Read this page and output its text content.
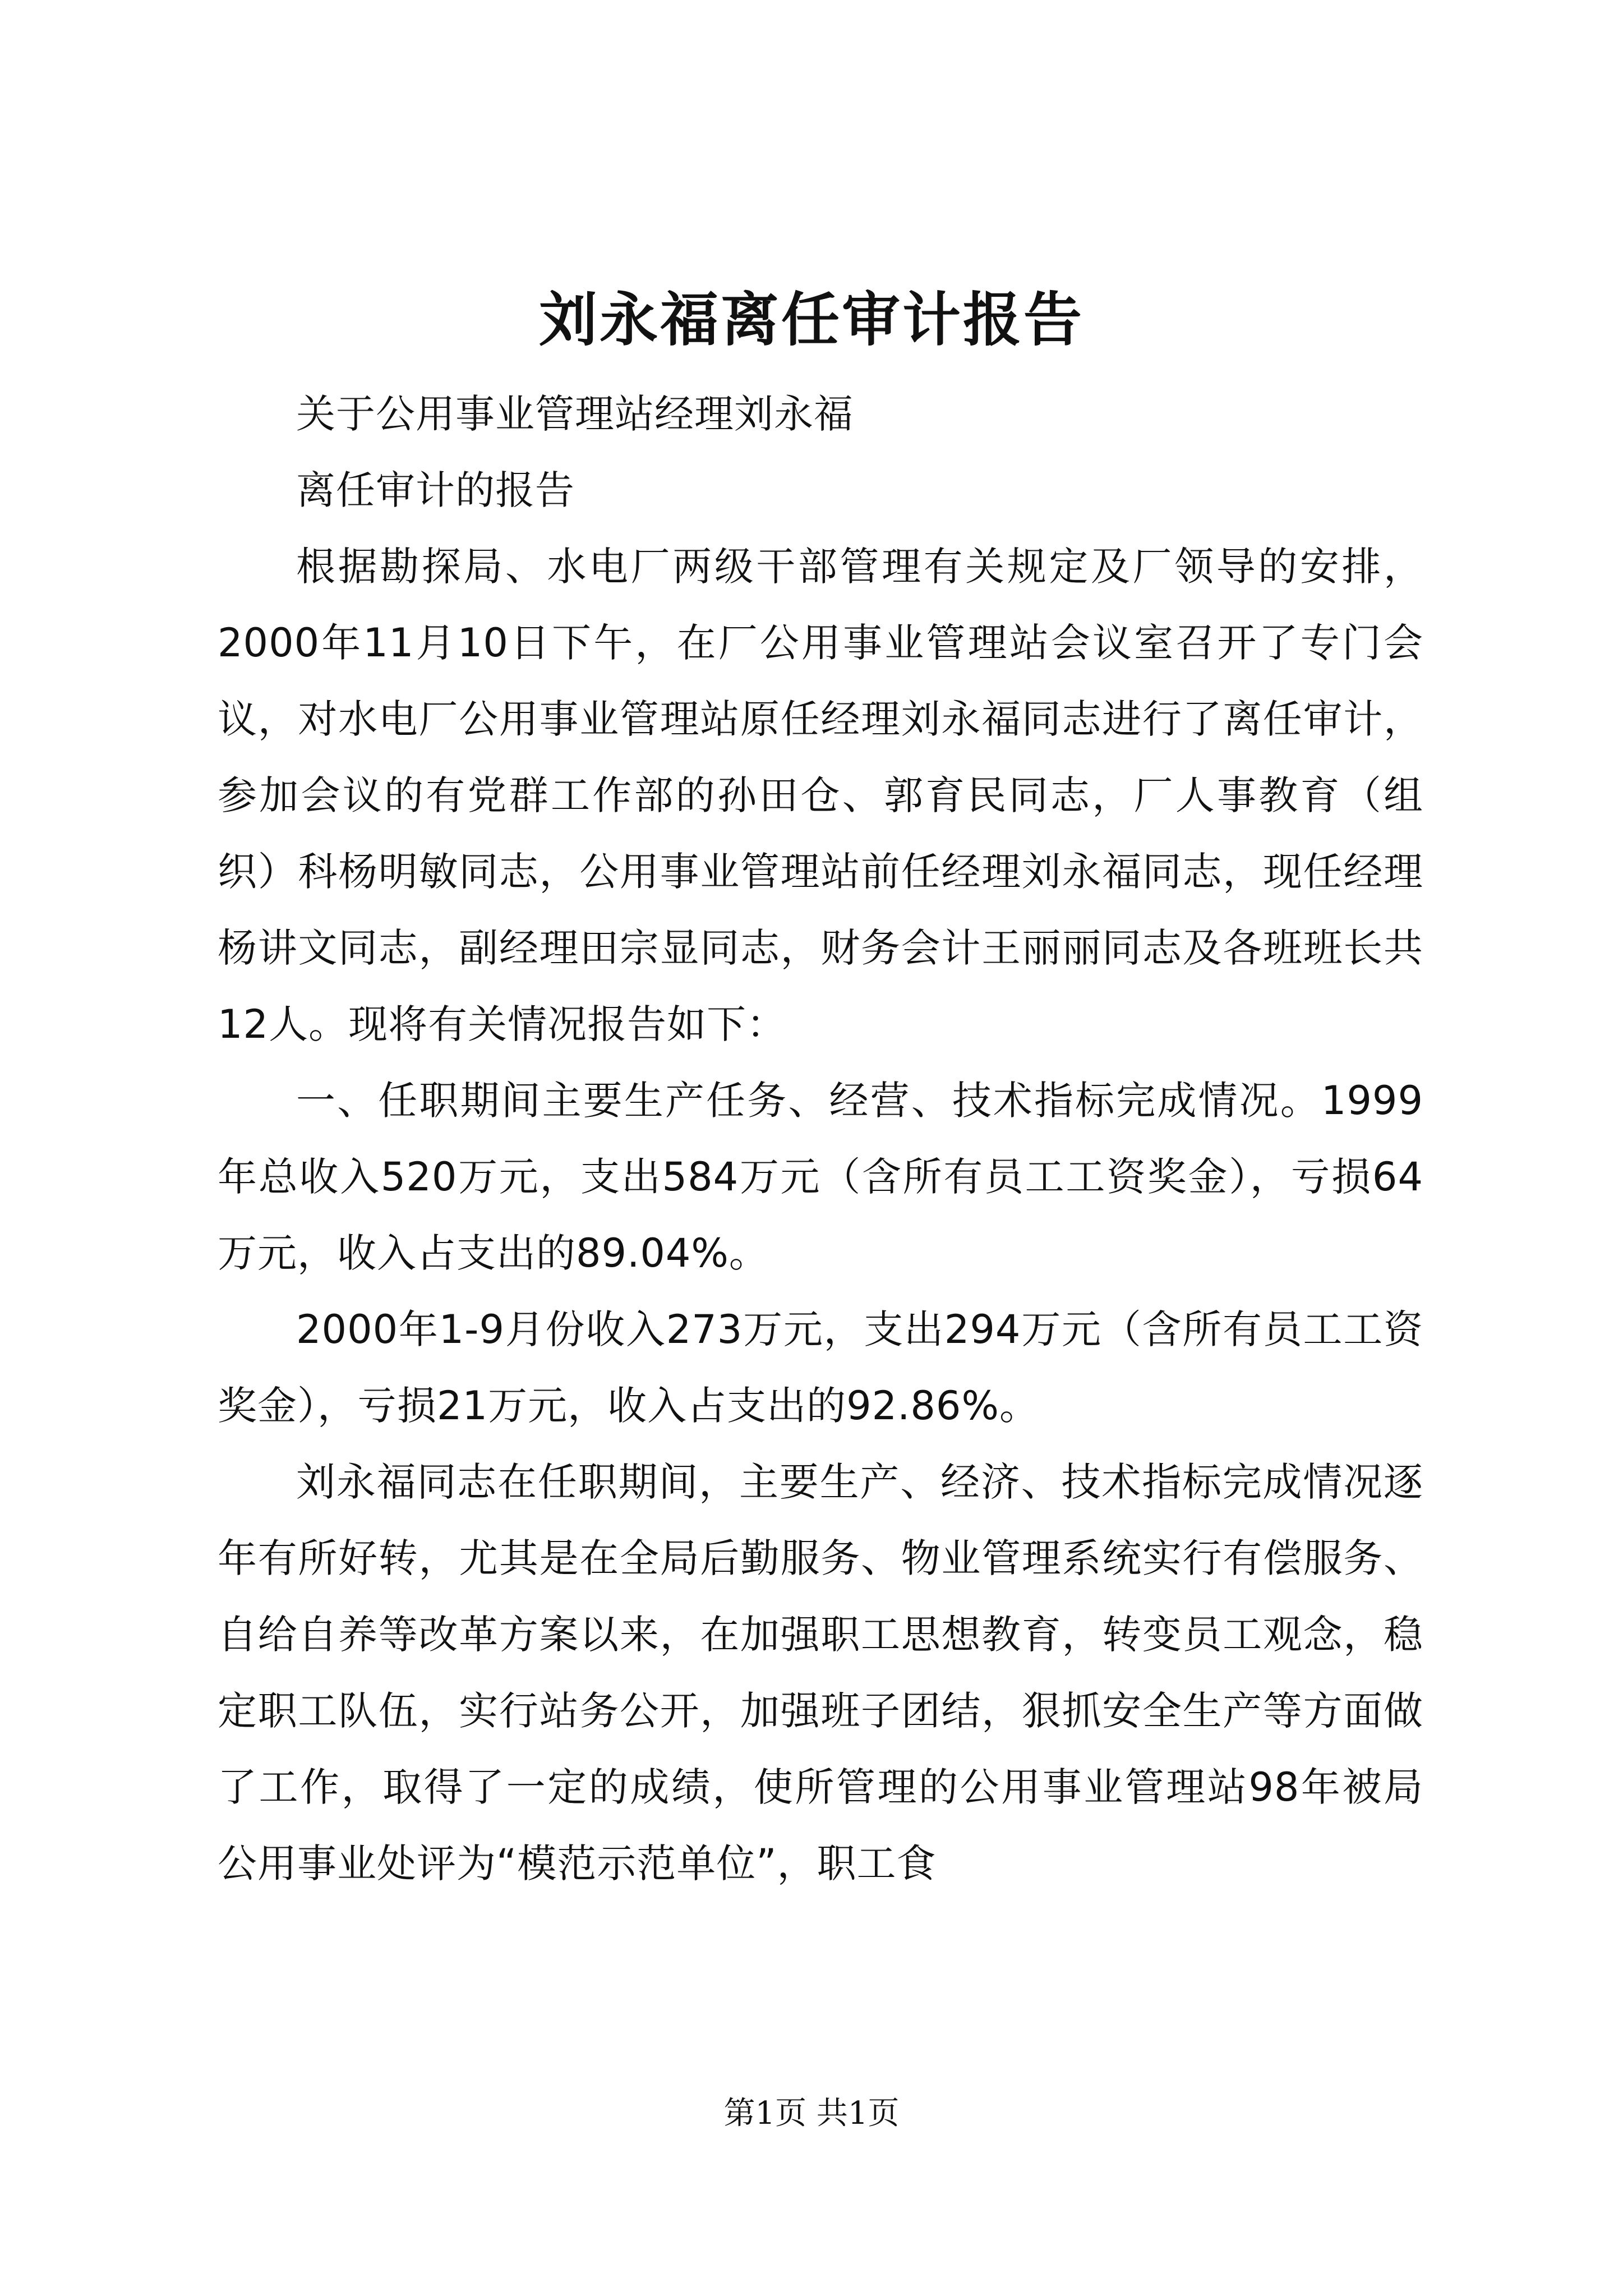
刘永福离任审计报告

关于公用事业管理站经理刘永福

离任审计的报告

根据勘探局、水电厂两级干部管理有关规定及厂领导的安排，2000年11月10日下午，在厂公用事业管理站会议室召开了专门会议，对水电厂公用事业管理站原任经理刘永福同志进行了离任审计，参加会议的有党群工作部的孙田仓、郭育民同志，厂人事教育（组织）科杨明敏同志，公用事业管理站前任经理刘永福同志，现任经理杨讲文同志，副经理田宗显同志，财务会计王丽丽同志及各班班长共12人。现将有关情况报告如下：

一、任职期间主要生产任务、经营、技术指标完成情况。1999年总收入520万元，支出584万元（含所有员工工资奖金），亏损64万元，收入占支出的89.04%。

2000年1-9月份收入273万元，支出294万元（含所有员工工资奖金），亏损21万元，收入占支出的92.86%。

刘永福同志在任职期间，主要生产、经济、技术指标完成情况逐年有所好转，尤其是在全局后勤服务、物业管理系统实行有偿服务、自给自养等改革方案以来，在加强职工思想教育，转变员工观念，稳定职工队伍，实行站务公开，加强班子团结，狠抓安全生产等方面做了工作，取得了一定的成绩，使所管理的公用事业管理站98年被局公用事业处评为“模范示范单位”，职工食

第1页 共1页
